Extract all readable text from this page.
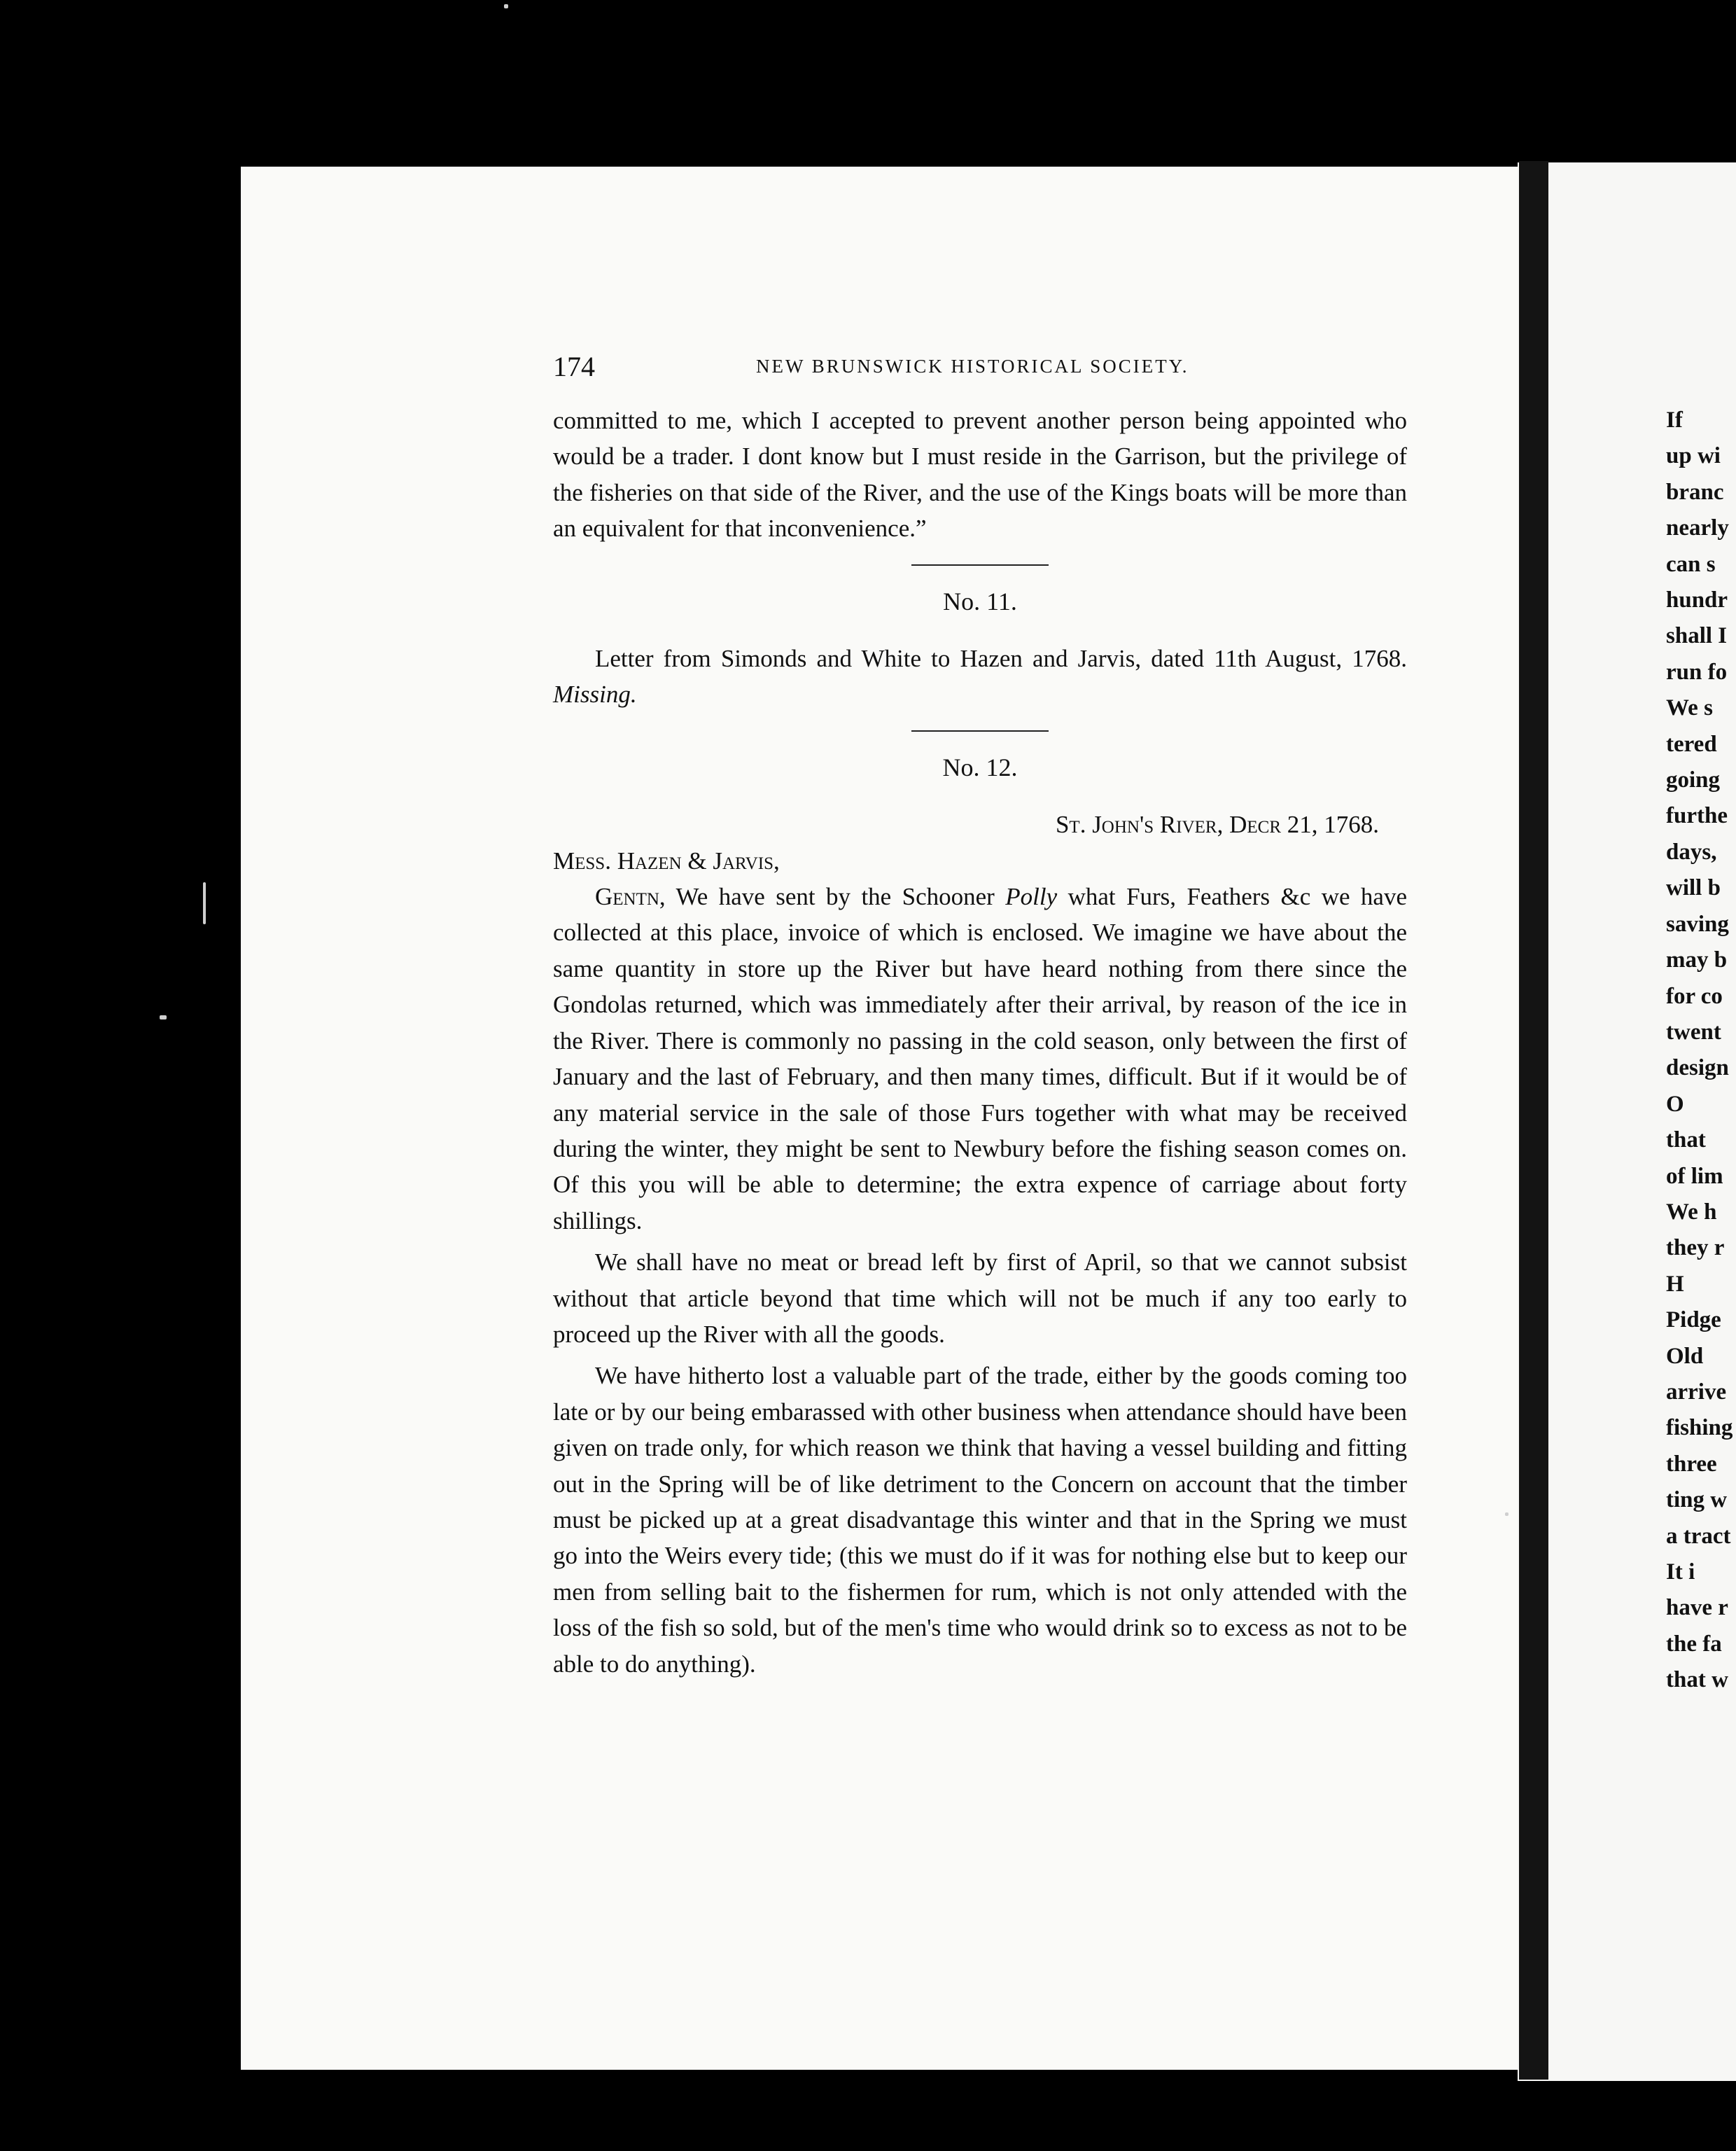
174	NEW BRUNSWICK HISTORICAL SOCIETY.

committed to me, which I accepted to prevent another person being appointed who would be a trader. I dont know but I must reside in the Garrison, but the privilege of the fisheries on that side of the River, and the use of the Kings boats will be more than an equivalent for that inconvenience.”

No. 11.

Letter from Simonds and White to Hazen and Jarvis, dated 11th August, 1768. Missing.

No. 12.

St. John's River, Decr 21, 1768.

Mess. Hazen & Jarvis,

Gentn, We have sent by the Schooner Polly what Furs, Feathers &c we have collected at this place, invoice of which is enclosed. We imagine we have about the same quantity in store up the River but have heard nothing from there since the Gondolas returned, which was immediately after their arrival, by reason of the ice in the River. There is commonly no passing in the cold season, only between the first of January and the last of February, and then many times, difficult. But if it would be of any material service in the sale of those Furs together with what may be received during the winter, they might be sent to Newbury before the fishing season comes on. Of this you will be able to determine; the extra expence of carriage about forty shillings.

We shall have no meat or bread left by first of April, so that we cannot subsist without that article beyond that time which will not be much if any too early to proceed up the River with all the goods.

We have hitherto lost a valuable part of the trade, either by the goods coming too late or by our being embarassed with other business when attendance should have been given on trade only, for which reason we think that having a vessel building and fitting out in the Spring will be of like detriment to the Concern on account that the timber must be picked up at a great disadvantage this winter and that in the Spring we must go into the Weirs every tide; (this we must do if it was for nothing else but to keep our men from selling bait to the fishermen for rum, which is not only attended with the loss of the fish so sold, but of the men's time who would drink so to excess as not to be able to do anything).

If
up wi
branc
nearly
can s
hundr
shall I
run fo
We s
tered
going
furthe
days,
will b
saving
may b
for co
twent
design
O
that
of lim
We h
they r
H
Pidge
Old
arrive
fishing
three
ting w
a tract
It i
have r
the fa
that w
